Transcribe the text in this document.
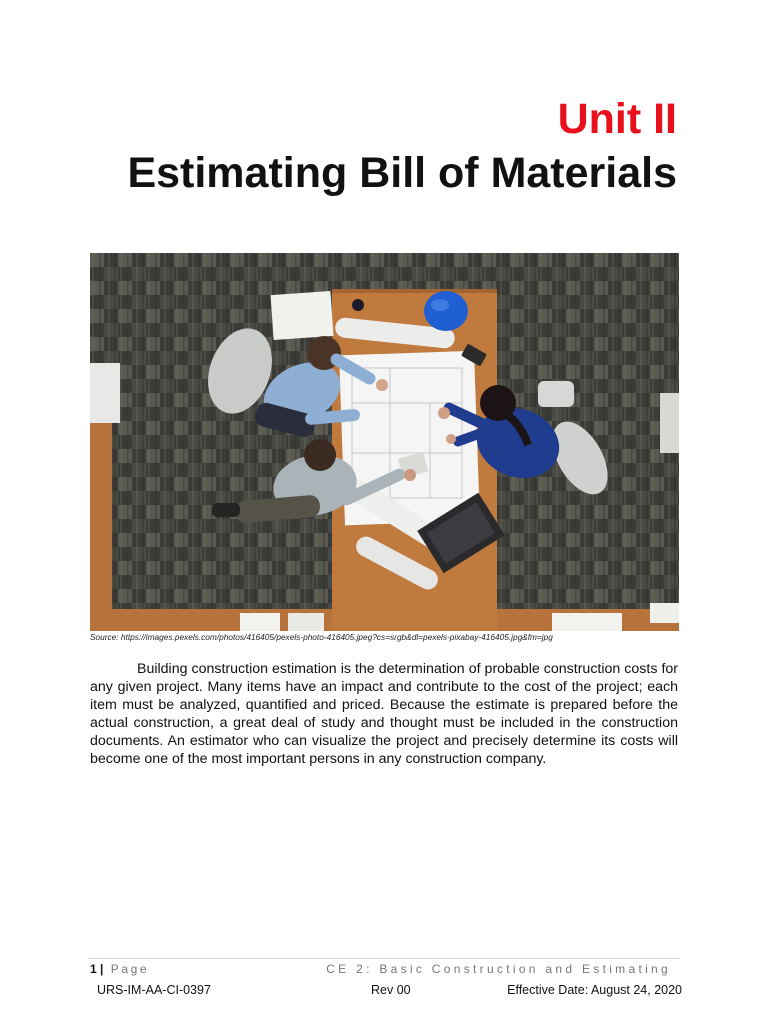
Unit II
Estimating Bill of Materials
Source: https://images.pexels.com/photos/416405/pexels-photo-416405.jpeg?cs=srgb&dl=pexels-pixabay-416405.jpg&fm=jpg

Building construction estimation is the determination of probable construction costs for any given project. Many items have an impact and contribute to the cost of the project; each item must be analyzed, quantified and priced. Because the estimate is prepared before the actual construction, a great deal of study and thought must be included in the construction documents. An estimator who can visualize the project and precisely determine its costs will become one of the most important persons in any construction company.

1 | Page	CE 2: Basic Construction and Estimating
URS-IM-AA-CI-0397	Rev 00	Effective Date: August 24, 2020
